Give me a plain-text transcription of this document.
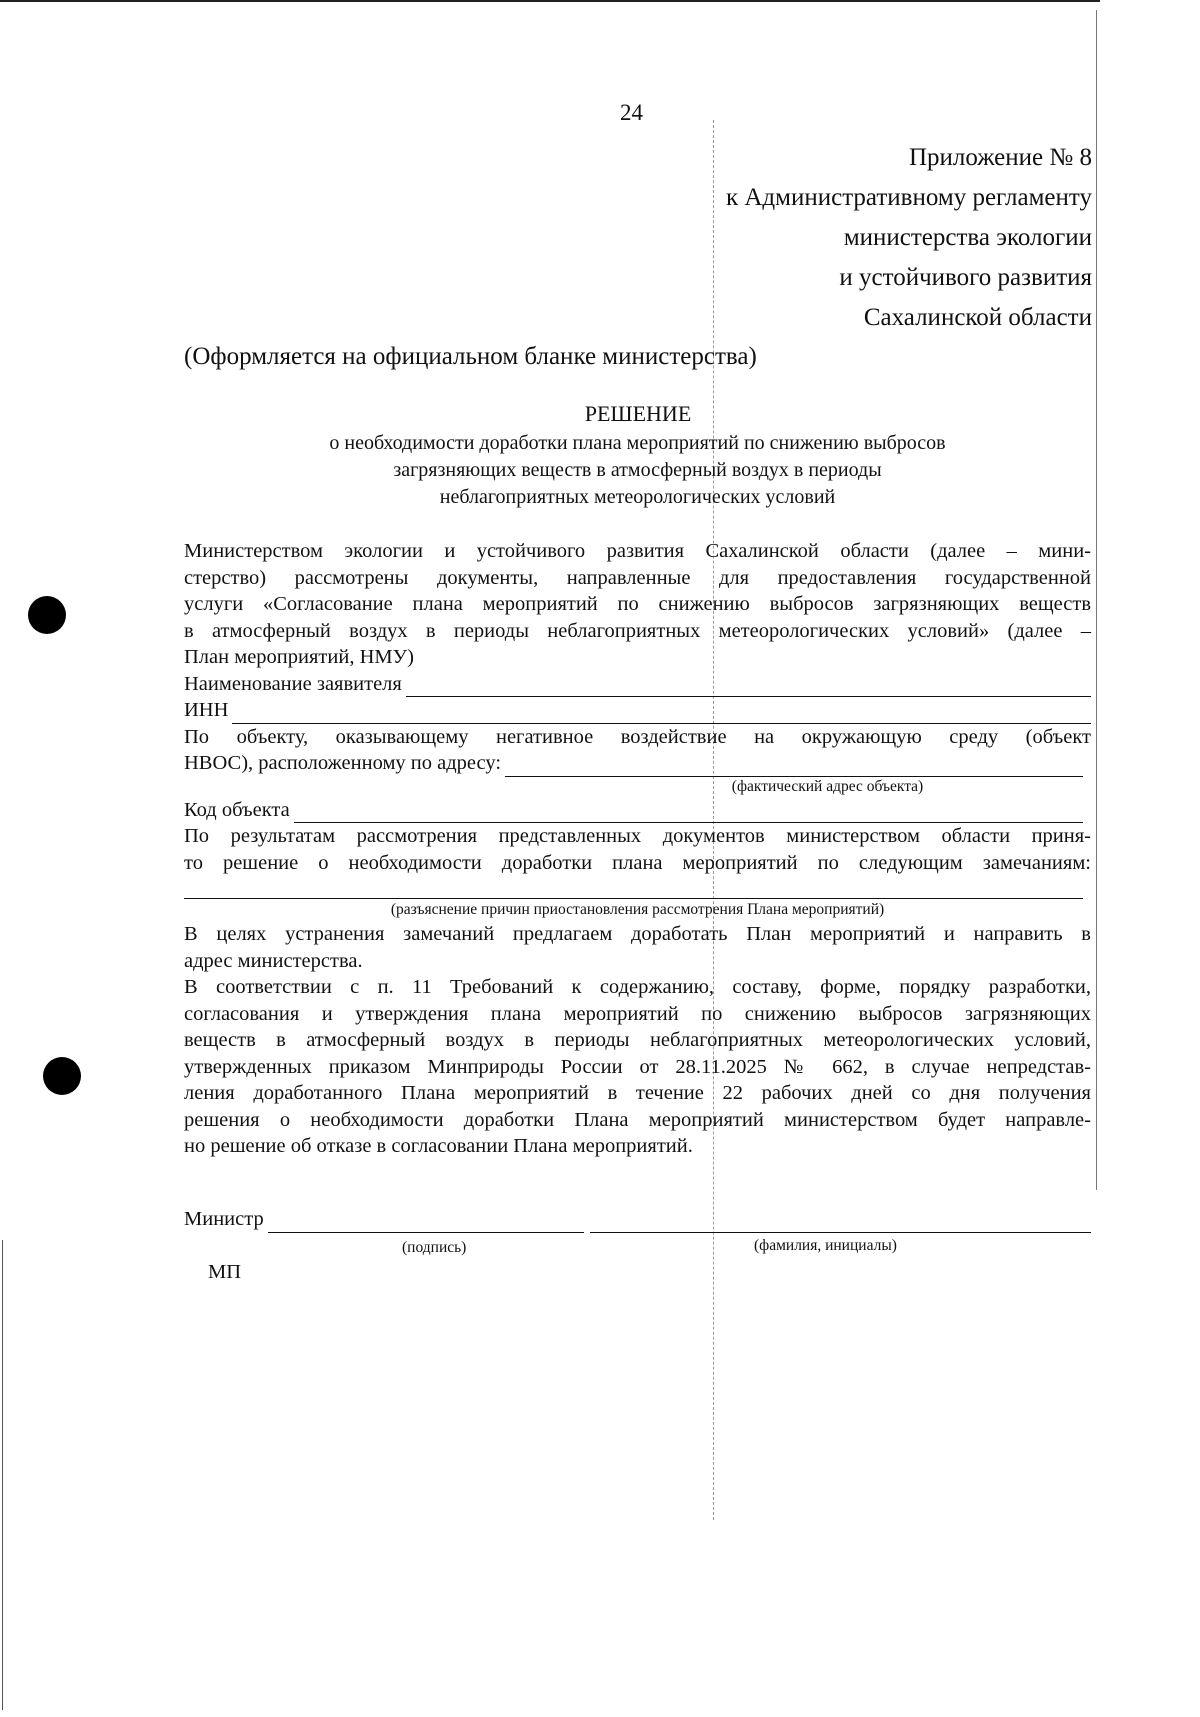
24
Приложение № 8
к Административному регламенту
министерства экологии
и устойчивого развития
Сахалинской области
(Оформляется на официальном бланке министерства)
РЕШЕНИЕ
о необходимости доработки плана мероприятий по снижению выбросов
загрязняющих веществ в атмосферный воздух в периоды
неблагоприятных метеорологических условий
Министерством экологии и устойчивого развития Сахалинской области (далее – мини-
стерство) рассмотрены документы, направленные для предоставления государственной
услуги «Согласование плана мероприятий по снижению выбросов загрязняющих веществ
в атмосферный воздух в периоды неблагоприятных метеорологических условий» (далее –
План мероприятий, НМУ)
Наименование заявителя
ИНН
По объекту, оказывающему негативное воздействие на окружающую среду (объект
НВОС), расположенному по адресу:
(фактический адрес объекта)
Код объекта
По результатам рассмотрения представленных документов министерством области приня-
то решение о необходимости доработки плана мероприятий по следующим замечаниям:
(разъяснение причин приостановления рассмотрения Плана мероприятий)
В целях устранения замечаний предлагаем доработать План мероприятий и направить в
адрес министерства.
В соответствии с п. 11 Требований к содержанию, составу, форме, порядку разработки,
согласования и утверждения плана мероприятий по снижению выбросов загрязняющих
веществ в атмосферный воздух в периоды неблагоприятных метеорологических условий,
утвержденных приказом Минприроды России от 28.11.2025 № 662, в случае непредстав-
ления доработанного Плана мероприятий в течение 22 рабочих дней со дня получения
решения о необходимости доработки Плана мероприятий министерством будет направле-
но решение об отказе в согласовании Плана мероприятий.
Министр
(подпись)	(фамилия, инициалы)
МП
